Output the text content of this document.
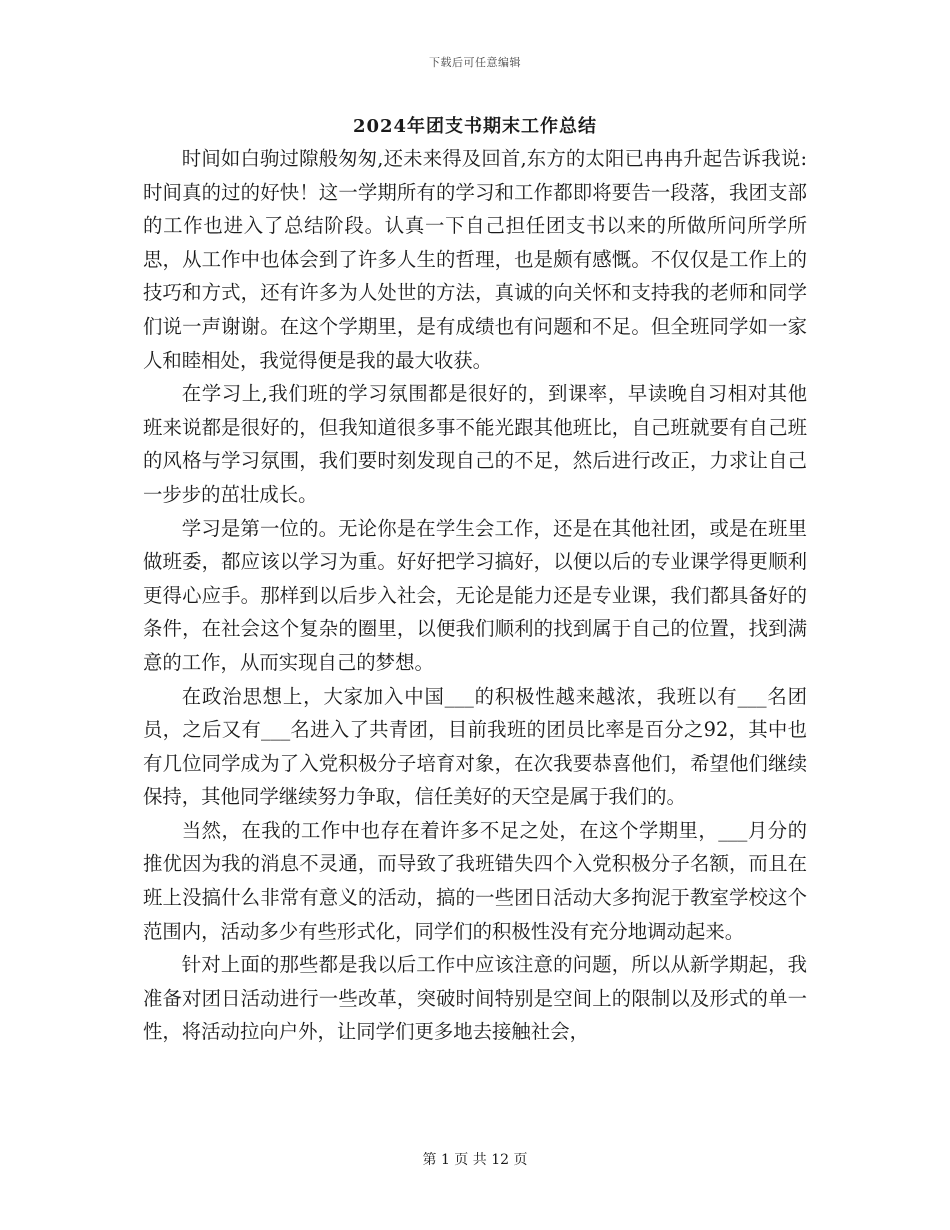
下载后可任意编辑
2024年团支书期末工作总结

时间如白驹过隙般匆匆,还未来得及回首,东方的太阳已冉冉升起告诉我说:时间真的过的好快！这一学期所有的学习和工作都即将要告一段落，我团支部的工作也进入了总结阶段。认真一下自己担任团支书以来的所做所问所学所思，从工作中也体会到了许多人生的哲理，也是颇有感慨。不仅仅是工作上的技巧和方式，还有许多为人处世的方法，真诚的向关怀和支持我的老师和同学们说一声谢谢。在这个学期里，是有成绩也有问题和不足。但全班同学如一家人和睦相处，我觉得便是我的最大收获。

在学习上,我们班的学习氛围都是很好的，到课率，早读晚自习相对其他班来说都是很好的，但我知道很多事不能光跟其他班比，自己班就要有自己班的风格与学习氛围，我们要时刻发现自己的不足，然后进行改正，力求让自己一步步的茁壮成长。

学习是第一位的。无论你是在学生会工作，还是在其他社团，或是在班里做班委，都应该以学习为重。好好把学习搞好，以便以后的专业课学得更顺利更得心应手。那样到以后步入社会，无论是能力还是专业课，我们都具备好的条件，在社会这个复杂的圈里，以便我们顺利的找到属于自己的位置，找到满意的工作，从而实现自己的梦想。

在政治思想上，大家加入中国___的积极性越来越浓，我班以有___名团员，之后又有___名进入了共青团，目前我班的团员比率是百分之92，其中也有几位同学成为了入党积极分子培育对象，在次我要恭喜他们，希望他们继续保持，其他同学继续努力争取，信任美好的天空是属于我们的。

当然，在我的工作中也存在着许多不足之处，在这个学期里，___月分的推优因为我的消息不灵通，而导致了我班错失四个入党积极分子名额，而且在班上没搞什么非常有意义的活动，搞的一些团日活动大多拘泥于教室学校这个范围内，活动多少有些形式化，同学们的积极性没有充分地调动起来。

针对上面的那些都是我以后工作中应该注意的问题，所以从新学期起，我准备对团日活动进行一些改革，突破时间特别是空间上的限制以及形式的单一性，将活动拉向户外，让同学们更多地去接触社会，

第 1 页 共 12 页
